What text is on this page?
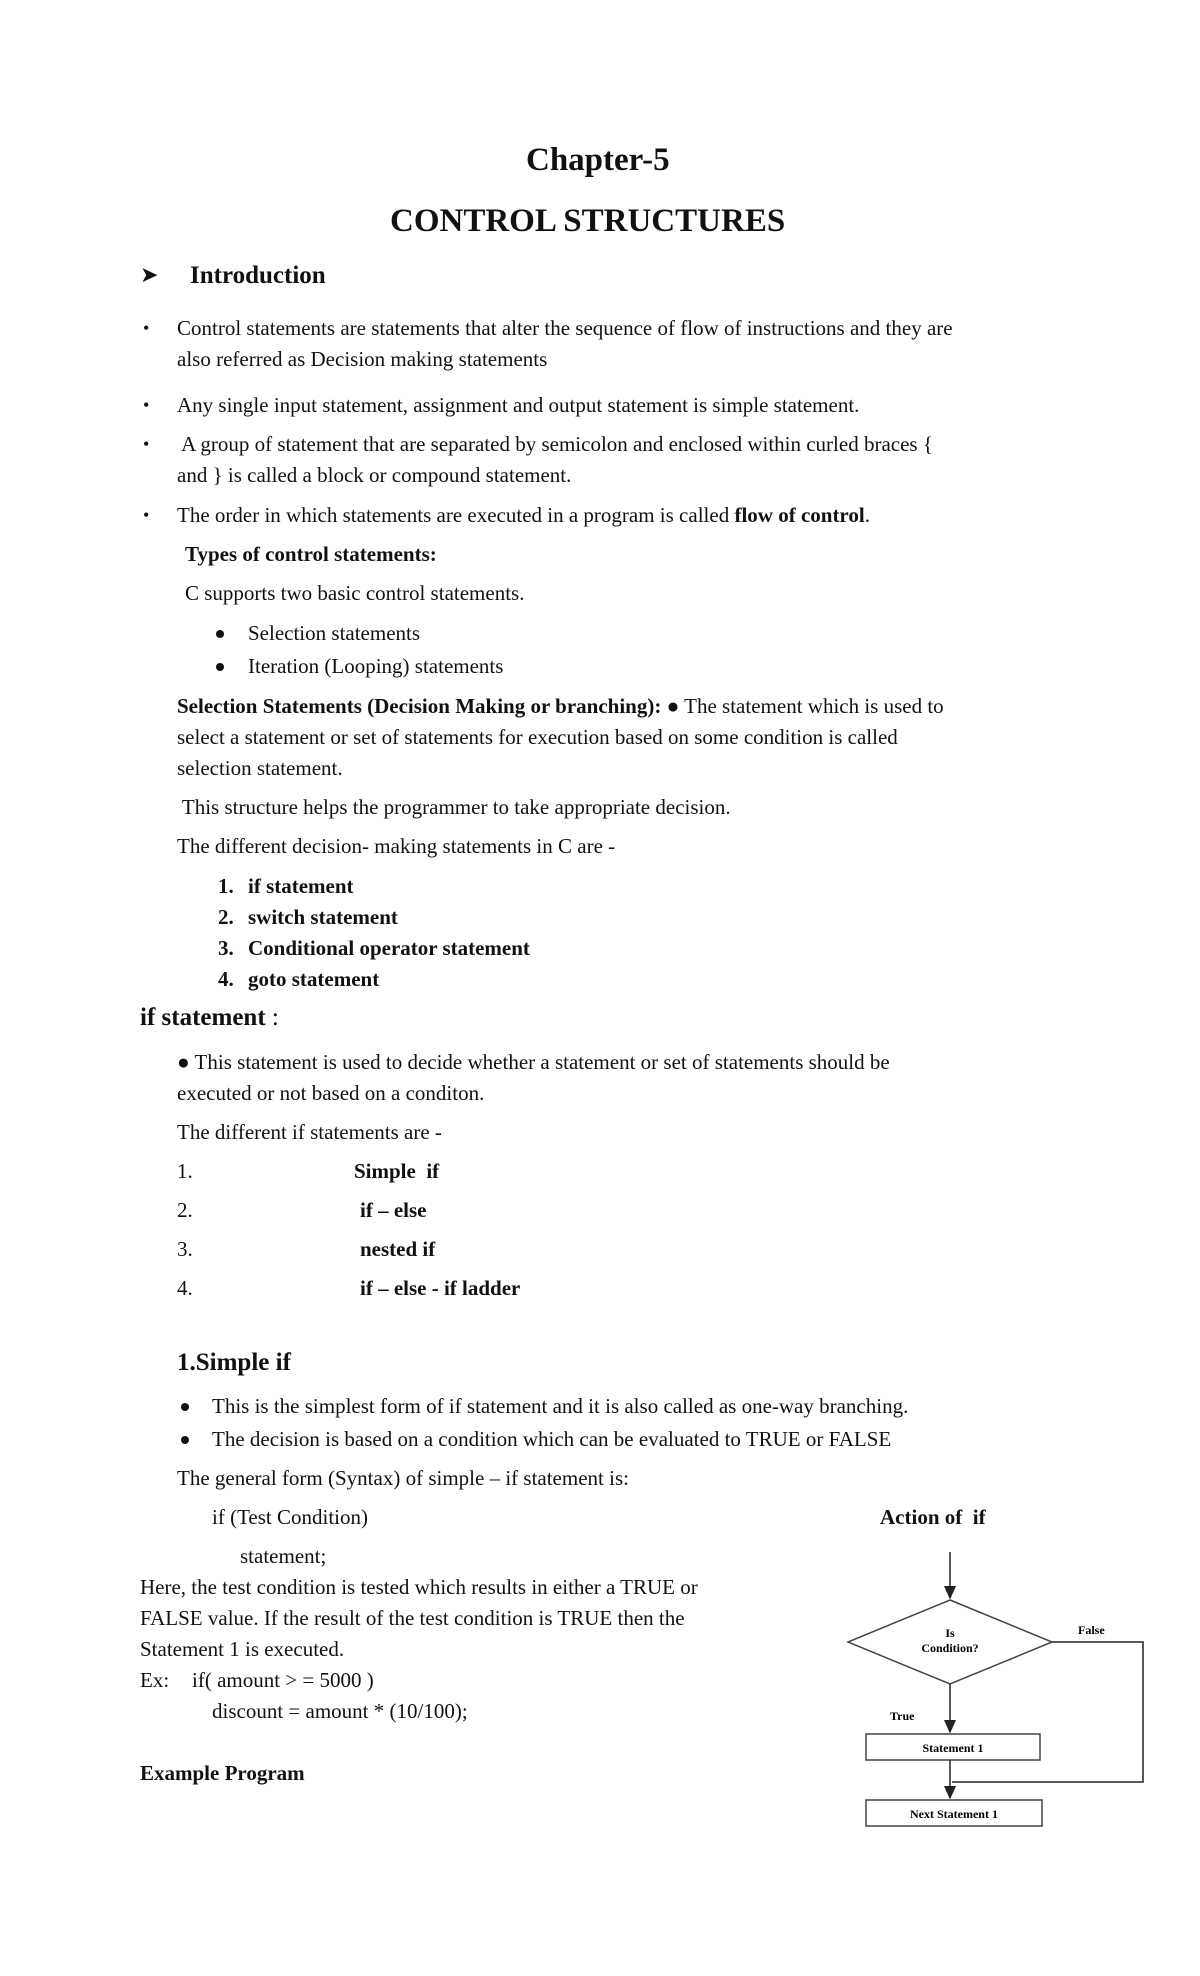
Chapter-5
CONTROL STRUCTURES
➤ Introduction
• Control statements are statements that alter the sequence of flow of instructions and they are
also referred as Decision making statements
• Any single input statement, assignment and output statement is simple statement.
• A group of statement that are separated by semicolon and enclosed within curled braces {
and } is called a block or compound statement.
• The order in which statements are executed in a program is called flow of control.
Types of control statements:
C supports two basic control statements.
Selection statements
Iteration (Looping) statements
Selection Statements (Decision Making or branching): ● The statement which is used to
select a statement or set of statements for execution based on some condition is called
selection statement.
This structure helps the programmer to take appropriate decision.
The different decision- making statements in C are -
1. if statement
2. switch statement
3. Conditional operator statement
4. goto statement
if statement :
● This statement is used to decide whether a statement or set of statements should be
executed or not based on a conditon.
The different if statements are -
1.	Simple  if
2.	if – else
3.	nested if
4.	if – else - if ladder
1.Simple if
This is the simplest form of if statement and it is also called as one-way branching.
The decision is based on a condition which can be evaluated to TRUE or FALSE
The general form (Syntax) of simple – if statement is:
if (Test Condition)	Action of  if
statement;
Here, the test condition is tested which results in either a TRUE or
FALSE value. If the result of the test condition is TRUE then the
Statement 1 is executed.
Ex: if( amount > = 5000 )
discount = amount * (10/100);
Example Program
Is
Condition?
True
Statement 1
False
Next Statement 1
